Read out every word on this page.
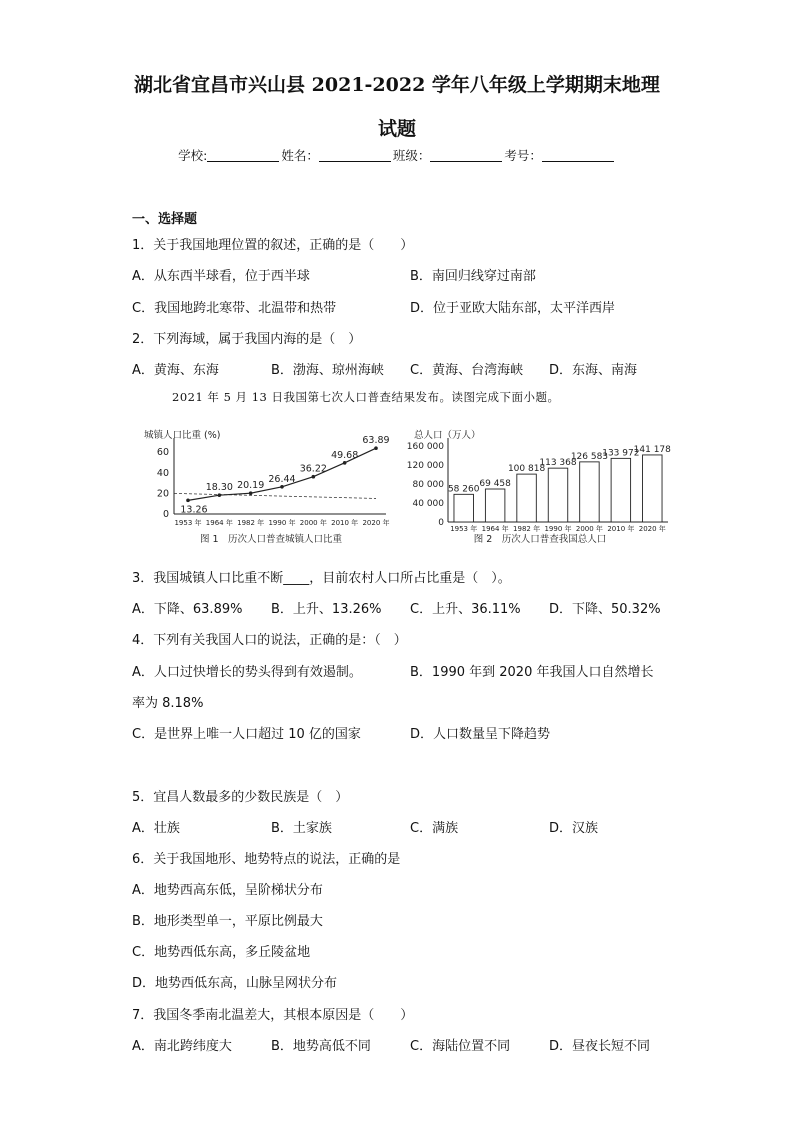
湖北省宜昌市兴山县 2021-2022 学年八年级上学期期末地理
试题
学校:	姓名：	班级：	考号：
一、选择题
1．关于我国地理位置的叙述，正确的是（　　）
A．从东西半球看，位于西半球	B．南回归线穿过南部
C．我国地跨北寒带、北温带和热带	D．位于亚欧大陆东部，太平洋西岸
2．下列海域，属于我国内海的是（　）
A．黄海、东海	B．渤海、琼州海峡 C．黄海、台湾海峡 D．东海、南海
2021 年 5 月 13 日我国第七次人口普查结果发布。读图完成下面小题。
城镇人口比重 (%)
0
20
40
60
1953 年 1964 年 1982 年 1990 年 2000 年 2010 年 2020 年
13.26
18.30 20.19
26.44
36.22
49.68
63.89
图 1　历次人口普查城镇人口比重
总人口（万人）
0
40 000
80 000
120 000
160 000
1953 年 1964 年 1982 年 1990 年 2000 年 2010 年 2020 年
58 260
69 458
100 818
113 368
126 583
133 972
141 178
图 2　历次人口普查我国总人口
3．我国城镇人口比重不断____，目前农村人口所占比重是（　）。
A．下降、63.89% B．上升、13.26% C．上升、36.11% D．下降、50.32%
4．下列有关我国人口的说法，正确的是：（　）
A．人口过快增长的势头得到有效遏制。	B．1990 年到 2020 年我国人口自然增长
率为 8.18%
C．是世界上唯一人口超过 10 亿的国家	D．人口数量呈下降趋势
5．宜昌人数最多的少数民族是（　）
A．壮族	B．土家族	C．满族	D．汉族
6．关于我国地形、地势特点的说法，正确的是
A．地势西高东低，呈阶梯状分布
B．地形类型单一，平原比例最大
C．地势西低东高，多丘陵盆地
D．地势西低东高，山脉呈网状分布
7．我国冬季南北温差大，其根本原因是（　　）
A．南北跨纬度大	B．地势高低不同	C．海陆位置不同	D．昼夜长短不同
